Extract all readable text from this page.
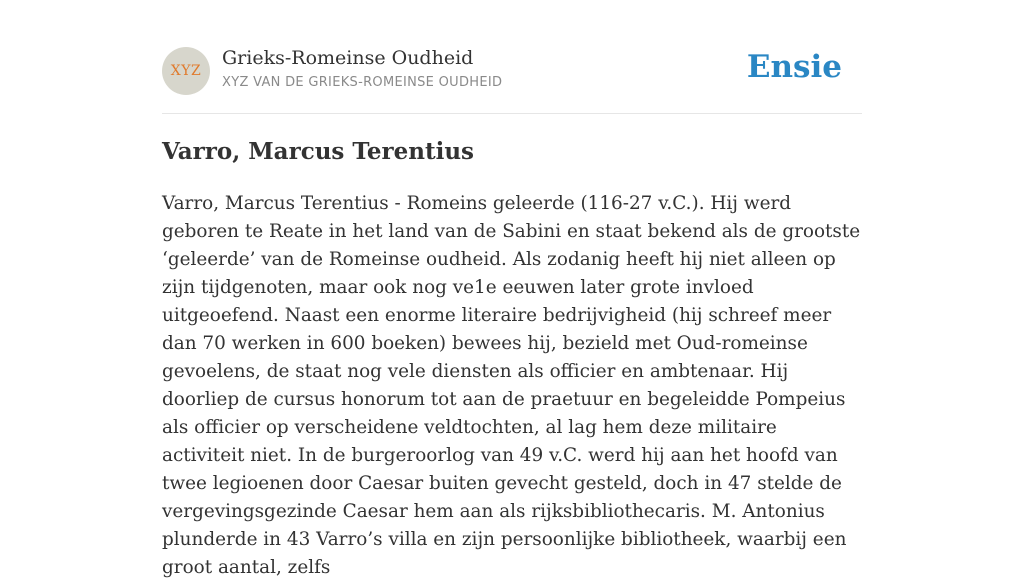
XYZ
Grieks-Romeinse Oudheid
XYZ VAN DE GRIEKS-ROMEINSE OUDHEID	Ensie
Varro, Marcus Terentius

Varro, Marcus Terentius - Romeins geleerde (116-27 v.C.). Hij werd geboren te Reate in het land van de Sabini en staat bekend als de grootste ‘geleerde’ van de Romeinse oudheid. Als zodanig heeft hij niet alleen op zijn tijdgenoten, maar ook nog ve1e eeuwen later grote invloed uitgeoefend. Naast een enorme literaire bedrijvigheid (hij schreef meer dan 70 werken in 600 boeken) bewees hij, bezield met Oud-romeinse gevoelens, de staat nog vele diensten als officier en ambtenaar. Hij doorliep de cursus honorum tot aan de praetuur en begeleidde Pompeius als officier op verscheidene veldtochten, al lag hem deze militaire activiteit niet. In de burgeroorlog van 49 v.C. werd hij aan het hoofd van twee legioenen door Caesar buiten gevecht gesteld, doch in 47 stelde de vergevingsgezinde Caesar hem aan als rijksbibliothecaris. M. Antonius plunderde in 43 Varro’s villa en zijn persoonlijke bibliotheek, waarbij een groot aantal, zelfs
